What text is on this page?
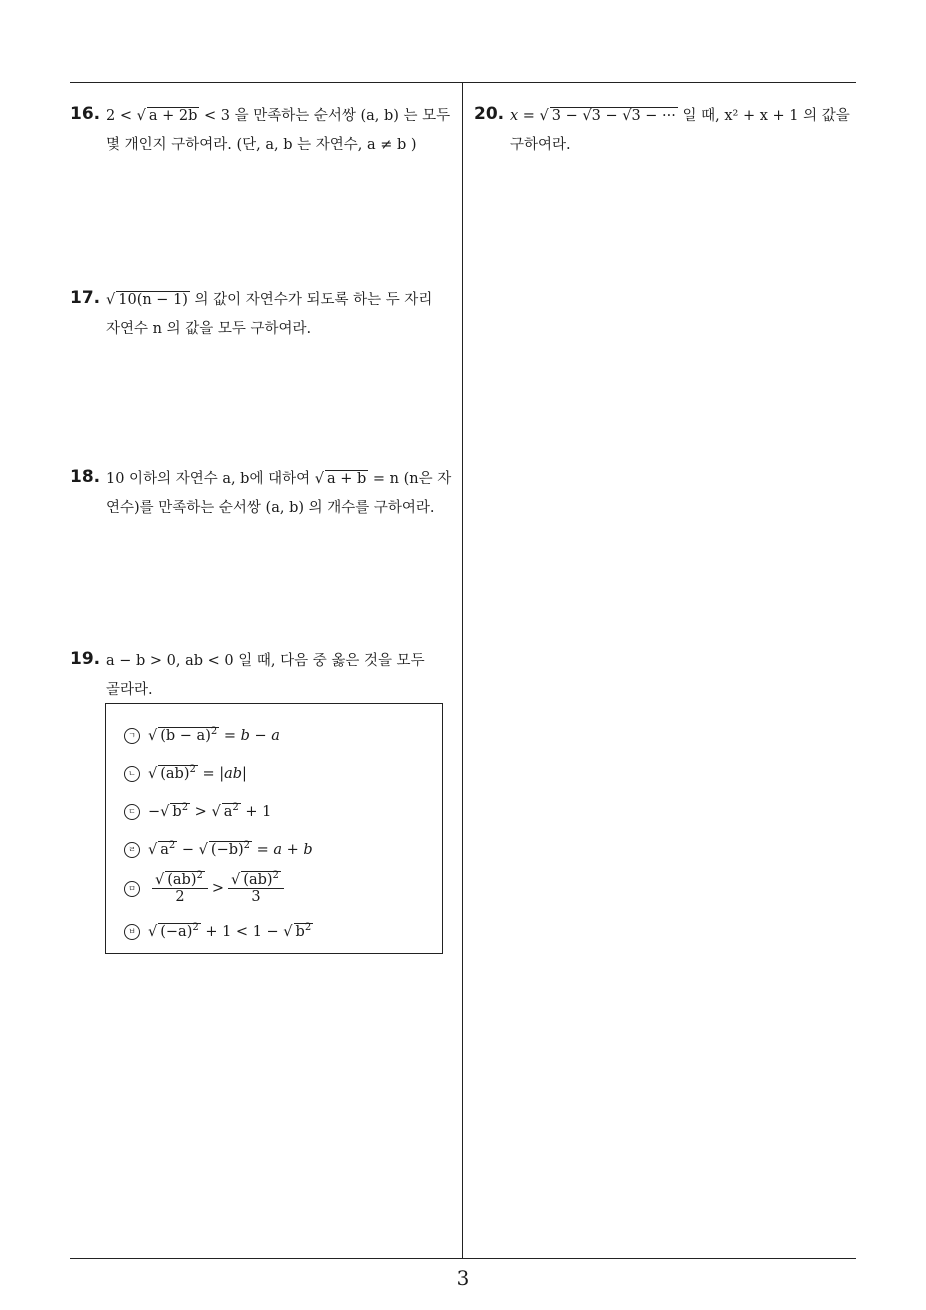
16. 2 < √ a + 2b < 3 을 만족하는 순서쌍 (a, b) 는 모두
몇 개인지 구하여라. (단, a, b 는 자연수, a ≠ b )
17. √ 10(n − 1) 의 값이 자연수가 되도록 하는 두 자리
자연수 n 의 값을 모두 구하여라.
18. 10 이하의 자연수 a, b에 대하여 √ a + b = n (n은 자
연수)를 만족하는 순서쌍 (a, b) 의 개수를 구하여라.
19. a − b > 0, ab < 0 일 때, 다음 중 옳은 것을 모두
골라라.
ㄱ √ $(b - a)^2 = b - a$
ㄴ √ (ab)$^2$ = |ab|
ㄷ −√ $b^2$ > √ $a^2 + 1$
ㄹ √ $a^2$ − √ $(-b)^2 = a + b$
ㅁ $\frac{√ (ab)^2}{2} > \frac{√ (ab)^2}{3}$
ㅂ √ $(-a)^2 + 1 < 1$ − √ $b^2$
20. x = √ 3 − √3 − √3 − ··· 일 때, x² + x + 1 의 값을
구하여라.
3
